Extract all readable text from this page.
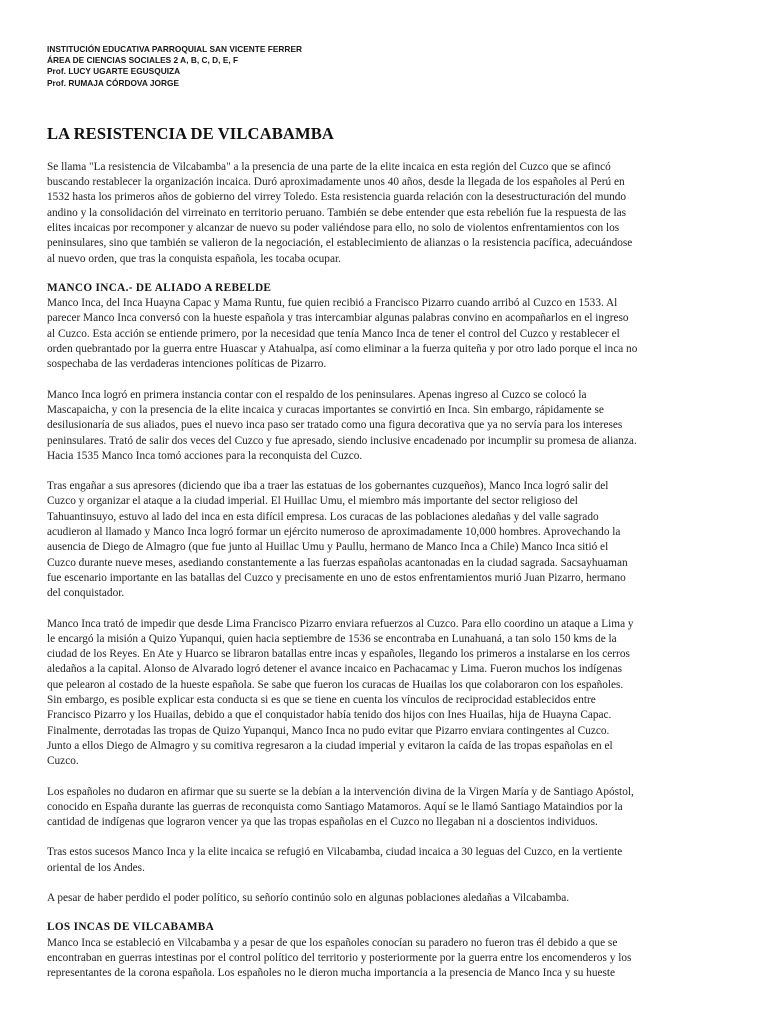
INSTITUCIÓN EDUCATIVA PARROQUIAL SAN VICENTE FERRER
ÁREA DE CIENCIAS SOCIALES 2 A, B, C, D, E, F
Prof. LUCY UGARTE EGUSQUIZA
Prof. RUMAJA CÓRDOVA JORGE
LA RESISTENCIA DE VILCABAMBA
Se llama "La resistencia de Vilcabamba" a la presencia de una parte de la elite incaica en esta región del Cuzco que se afincó
buscando restablecer la organización incaica. Duró aproximadamente unos 40 años, desde la llegada de los españoles al Perú en
1532 hasta los primeros años de gobierno del virrey Toledo. Esta resistencia guarda relación con la desestructuración del mundo
andino y la consolidación del virreinato en territorio peruano. También se debe entender que esta rebelión fue la respuesta de las
elites incaicas por recomponer y alcanzar de nuevo su poder valiéndose para ello, no solo de violentos enfrentamientos con los
peninsulares, sino que también se valieron de la negociación, el establecimiento de alianzas o la resistencia pacífica, adecuándose
al nuevo orden, que tras la conquista española, les tocaba ocupar.
MANCO INCA.- DE ALIADO A REBELDE
Manco Inca, del Inca Huayna Capac y Mama Runtu, fue quien recibió a Francisco Pizarro cuando arribó al Cuzco en 1533. Al
parecer Manco Inca conversó con la hueste española y tras intercambiar algunas palabras convino en acompañarlos en el ingreso
al Cuzco. Esta acción se entiende primero, por la necesidad que tenía Manco Inca de tener el control del Cuzco y restablecer el
orden quebrantado por la guerra entre Huascar y Atahualpa, así como eliminar a la fuerza quiteña y por otro lado porque el inca no
sospechaba de las verdaderas intenciones políticas de Pizarro.
Manco Inca logró en primera instancia contar con el respaldo de los peninsulares. Apenas ingreso al Cuzco se colocó la
Mascapaicha, y con la presencia de la elite incaica y curacas importantes se convirtió en Inca. Sin embargo, rápidamente se
desilusionaría de sus aliados, pues el nuevo inca paso ser tratado como una figura decorativa que ya no servía para los intereses
peninsulares. Trató de salir dos veces del Cuzco y fue apresado, siendo inclusive encadenado por incumplir su promesa de alianza.
Hacia 1535 Manco Inca tomó acciones para la reconquista del Cuzco.
Tras engañar a sus apresores (diciendo que iba a traer las estatuas de los gobernantes cuzqueños), Manco Inca logró salir del
Cuzco y organizar el ataque a la ciudad imperial. El Huillac Umu, el miembro más importante del sector religioso del
Tahuantinsuyo, estuvo al lado del inca en esta difícil empresa. Los curacas de las poblaciones aledañas y del valle sagrado
acudieron al llamado y Manco Inca logró formar un ejército numeroso de aproximadamente 10,000 hombres. Aprovechando la
ausencia de Diego de Almagro (que fue junto al Huillac Umu y Paullu, hermano de Manco Inca a Chile) Manco Inca sitió el
Cuzco durante nueve meses, asediando constantemente a las fuerzas españolas acantonadas en la ciudad sagrada. Sacsayhuaman
fue escenario importante en las batallas del Cuzco y precisamente en uno de estos enfrentamientos murió Juan Pizarro, hermano
del conquistador.
Manco Inca trató de impedir que desde Lima Francisco Pizarro enviara refuerzos al Cuzco. Para ello coordino un ataque a Lima y
le encargó la misión a Quizo Yupanqui, quien hacia septiembre de 1536 se encontraba en Lunahuaná, a tan solo 150 kms de la
ciudad de los Reyes. En Ate y Huarco se libraron batallas entre incas y españoles, llegando los primeros a instalarse en los cerros
aledaños a la capital. Alonso de Alvarado logró detener el avance incaico en Pachacamac y Lima. Fueron muchos los indígenas
que pelearon al costado de la hueste española. Se sabe que fueron los curacas de Huailas los que colaboraron con los españoles.
Sin embargo, es posible explicar esta conducta si es que se tiene en cuenta los vínculos de reciprocidad establecidos entre
Francisco Pizarro y los Huailas, debido a que el conquistador había tenido dos hijos con Ines Huailas, hija de Huayna Capac.
Finalmente, derrotadas las tropas de Quizo Yupanqui, Manco Inca no pudo evitar que Pizarro enviara contingentes al Cuzco.
Junto a ellos Diego de Almagro y su comitiva regresaron a la ciudad imperial y evitaron la caída de las tropas españolas en el
Cuzco.
Los españoles no dudaron en afirmar que su suerte se la debían a la intervención divina de la Virgen María y de Santiago Apóstol,
conocido en España durante las guerras de reconquista como Santiago Matamoros. Aquí se le llamó Santiago Mataindios por la
cantidad de indígenas que lograron vencer ya que las tropas españolas en el Cuzco no llegaban ni a doscientos individuos.
Tras estos sucesos Manco Inca y la elite incaica se refugió en Vilcabamba, ciudad incaica a 30 leguas del Cuzco, en la vertiente
oriental de los Andes.
A pesar de haber perdido el poder político, su señorío continúo solo en algunas poblaciones aledañas a Vilcabamba.
LOS INCAS DE VILCABAMBA
Manco Inca se estableció en Vilcabamba y a pesar de que los españoles conocían su paradero no fueron tras él debido a que se
encontraban en guerras intestinas por el control político del territorio y posteriormente por la guerra entre los encomenderos y los
representantes de la corona española. Los españoles no le dieron mucha importancia a la presencia de Manco Inca y su hueste
